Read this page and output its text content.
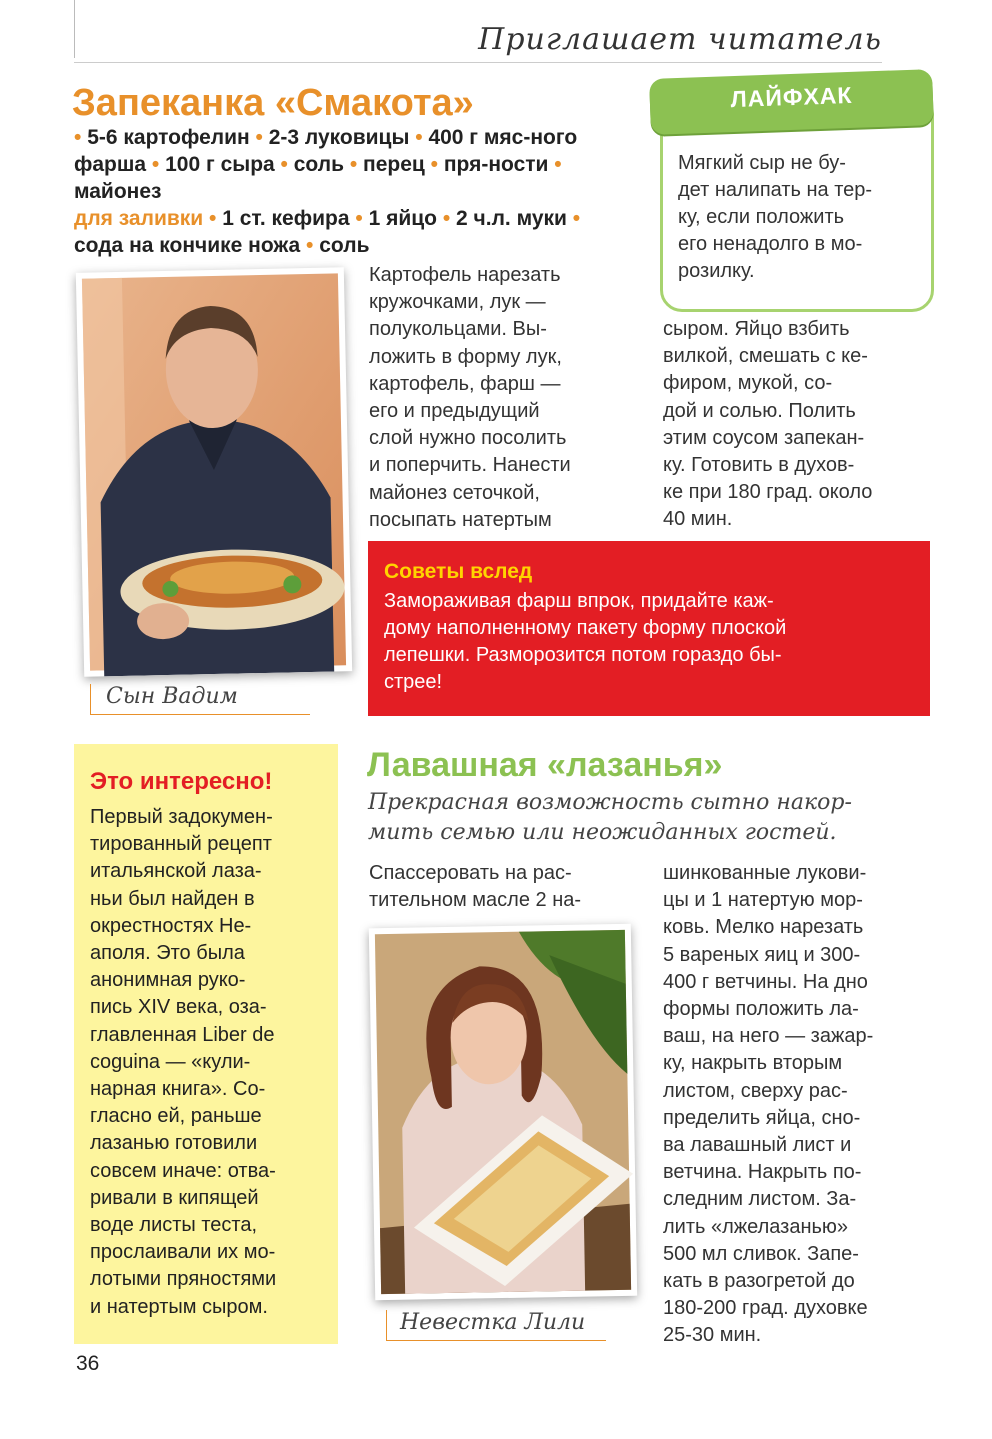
Приглашает читатель
Запеканка «Смакота»

• 5-6 картофелин • 2-3 луковицы • 400 г мяс-ного фарша • 100 г сыра • соль • перец • пря-ности • майонез
для заливки • 1 ст. кефира • 1 яйцо • 2 ч.л. муки • сода на кончике ножа • соль

Сын Вадим

Картофель нарезать
кружочками, лук —
полукольцами. Вы-
ложить в форму лук,
картофель, фарш —
его и предыдущий
слой нужно посолить
и поперчить. Нанести
майонез сеточкой,
посыпать натертым

сыром. Яйцо взбить
вилкой, смешать с ке-
фиром, мукой, со-
дой и солью. Полить
этим соусом запекан-
ку. Готовить в духов-
ке при 180 град. около
40 мин.

ЛАЙФХАК

Мягкий сыр не бу-
дет налипать на тер-
ку, если положить
его ненадолго в мо-
розилку.

Советы вслед

Замораживая фарш впрок, придайте каж-
дому наполненному пакету форму плоской
лепешки. Разморозится потом гораздо бы-
стрее!

Это интересно!

Первый задокумен-
тированный рецепт
итальянской лаза-
ньи был найден в
окрестностях Не-
аполя. Это была
анонимная руко-
пись XIV века, оза-
главленная Liber de
coguina — «кули-
нарная книга». Со-
гласно ей, раньше
лазанью готовили
совсем иначе: отва-
ривали в кипящей
воде листы теста,
прослаивали их мо-
лотыми пряностями
и натертым сыром.

Лавашная «лазанья»

Прекрасная возможность сытно накор-
мить семью или неожиданных гостей.

Спассеровать на рас-
тительном масле 2 на-

шинкованные лукови-
цы и 1 натертую мор-
ковь. Мелко нарезать
5 вареных яиц и 300-
400 г ветчины. На дно
формы положить ла-
ваш, на него — зажар-
ку, накрыть вторым
листом, сверху рас-
пределить яйца, сно-
ва лавашный лист и
ветчина. Накрыть по-
следним листом. За-
лить «лжелазанью»
500 мл сливок. Запе-
кать в разогретой до
180-200 град. духовке
25-30 мин.

Невестка Лили
36
